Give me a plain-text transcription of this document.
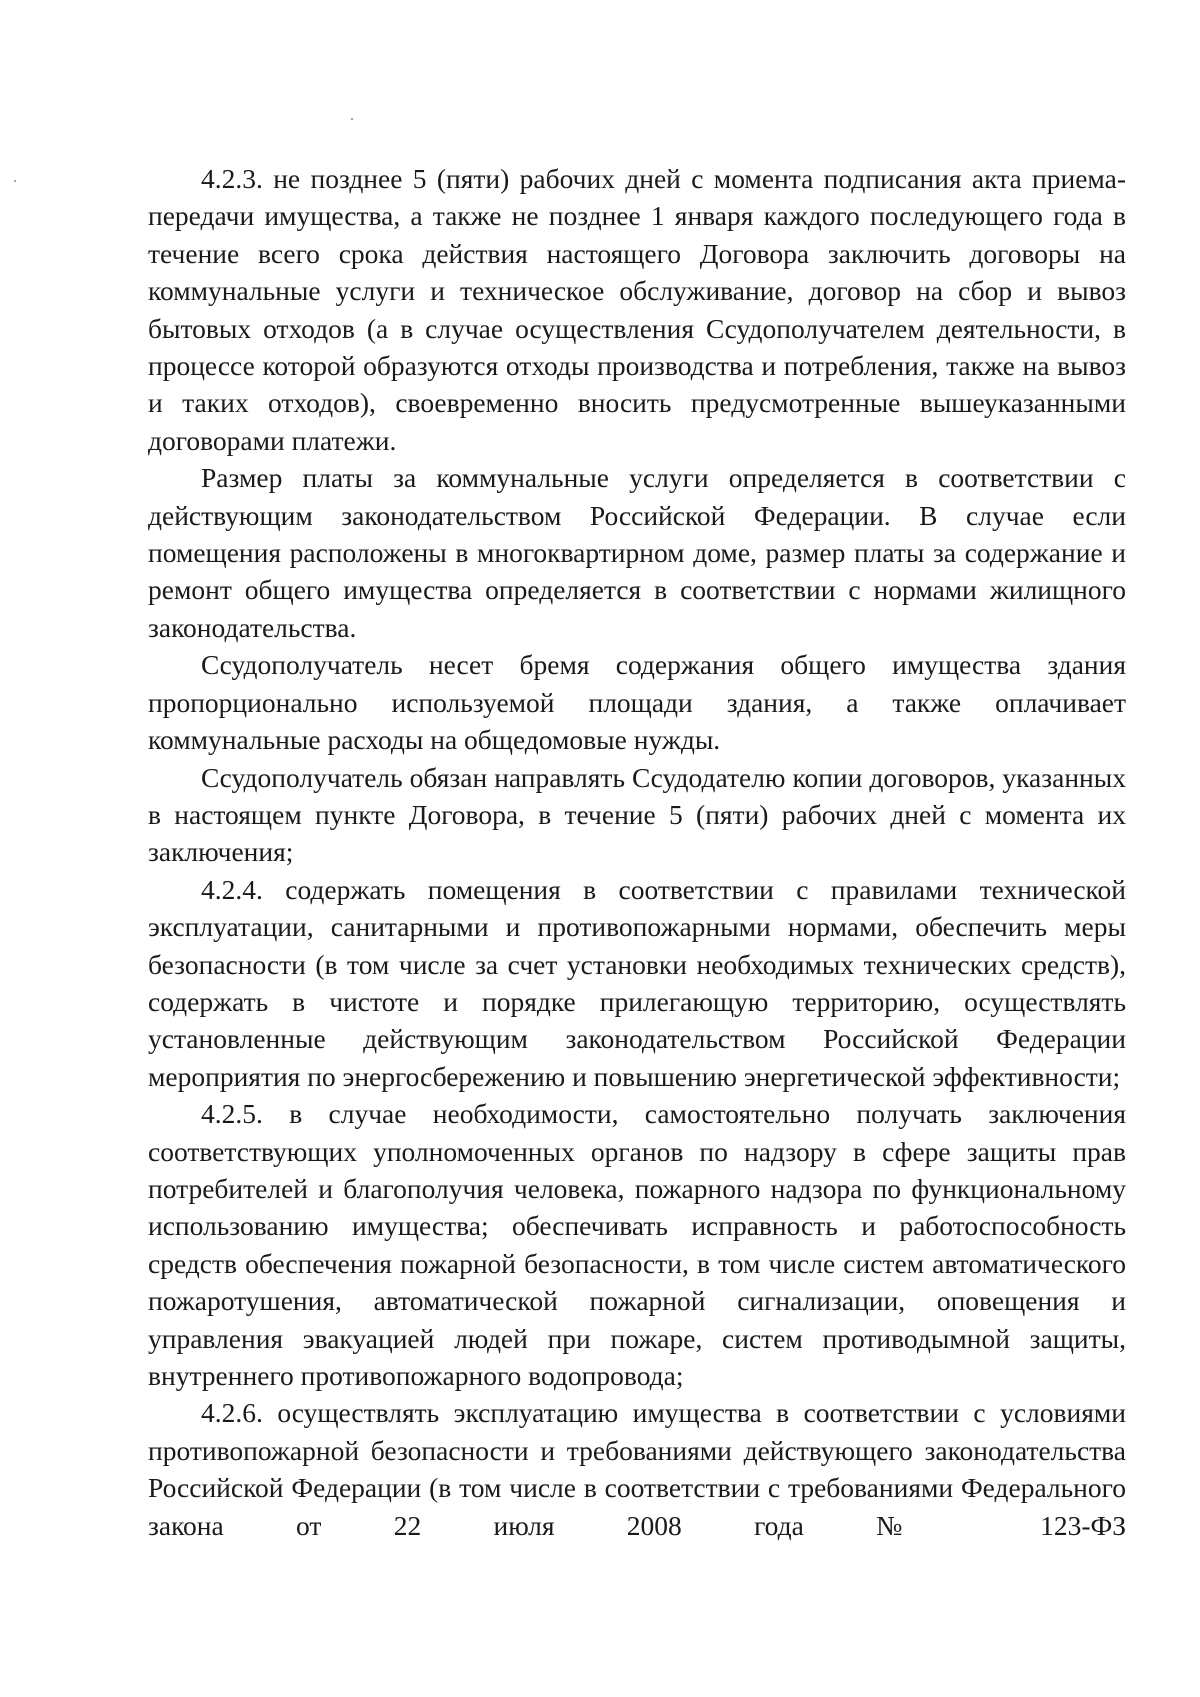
4.2.3. не позднее 5 (пяти) рабочих дней с момента подписания акта приема-передачи имущества, а также не позднее 1 января каждого последующего года в течение всего срока действия настоящего Договора заключить договоры на коммунальные услуги и техническое обслуживание, договор на сбор и вывоз бытовых отходов (а в случае осуществления Ссудополучателем деятельности, в процессе которой образуются отходы производства и потребления, также на вывоз и таких отходов), своевременно вносить предусмотренные вышеуказанными договорами платежи.

Размер платы за коммунальные услуги определяется в соответствии с действующим законодательством Российской Федерации. В случае если помещения расположены в многоквартирном доме, размер платы за содержание и ремонт общего имущества определяется в соответствии с нормами жилищного законодательства.

Ссудополучатель несет бремя содержания общего имущества здания пропорционально используемой площади здания, а также оплачивает коммунальные расходы на общедомовые нужды.

Ссудополучатель обязан направлять Ссудодателю копии договоров, указанных в настоящем пункте Договора, в течение 5 (пяти) рабочих дней с момента их заключения;

4.2.4. содержать помещения в соответствии с правилами технической эксплуатации, санитарными и противопожарными нормами, обеспечить меры безопасности (в том числе за счет установки необходимых технических средств), содержать в чистоте и порядке прилегающую территорию, осуществлять установленные действующим законодательством Российской Федерации мероприятия по энергосбережению и повышению энергетической эффективности;

4.2.5. в случае необходимости, самостоятельно получать заключения соответствующих уполномоченных органов по надзору в сфере защиты прав потребителей и благополучия человека, пожарного надзора по функциональному использованию имущества; обеспечивать исправность и работоспособность средств обеспечения пожарной безопасности, в том числе систем автоматического пожаротушения, автоматической пожарной сигнализации, оповещения и управления эвакуацией людей при пожаре, систем противодымной защиты, внутреннего противопожарного водопровода;

4.2.6. осуществлять эксплуатацию имущества в соответствии с условиями противопожарной безопасности и требованиями действующего законодательства Российской Федерации (в том числе в соответствии с требованиями Федерального закона от 22 июля 2008 года № 123-ФЗ
